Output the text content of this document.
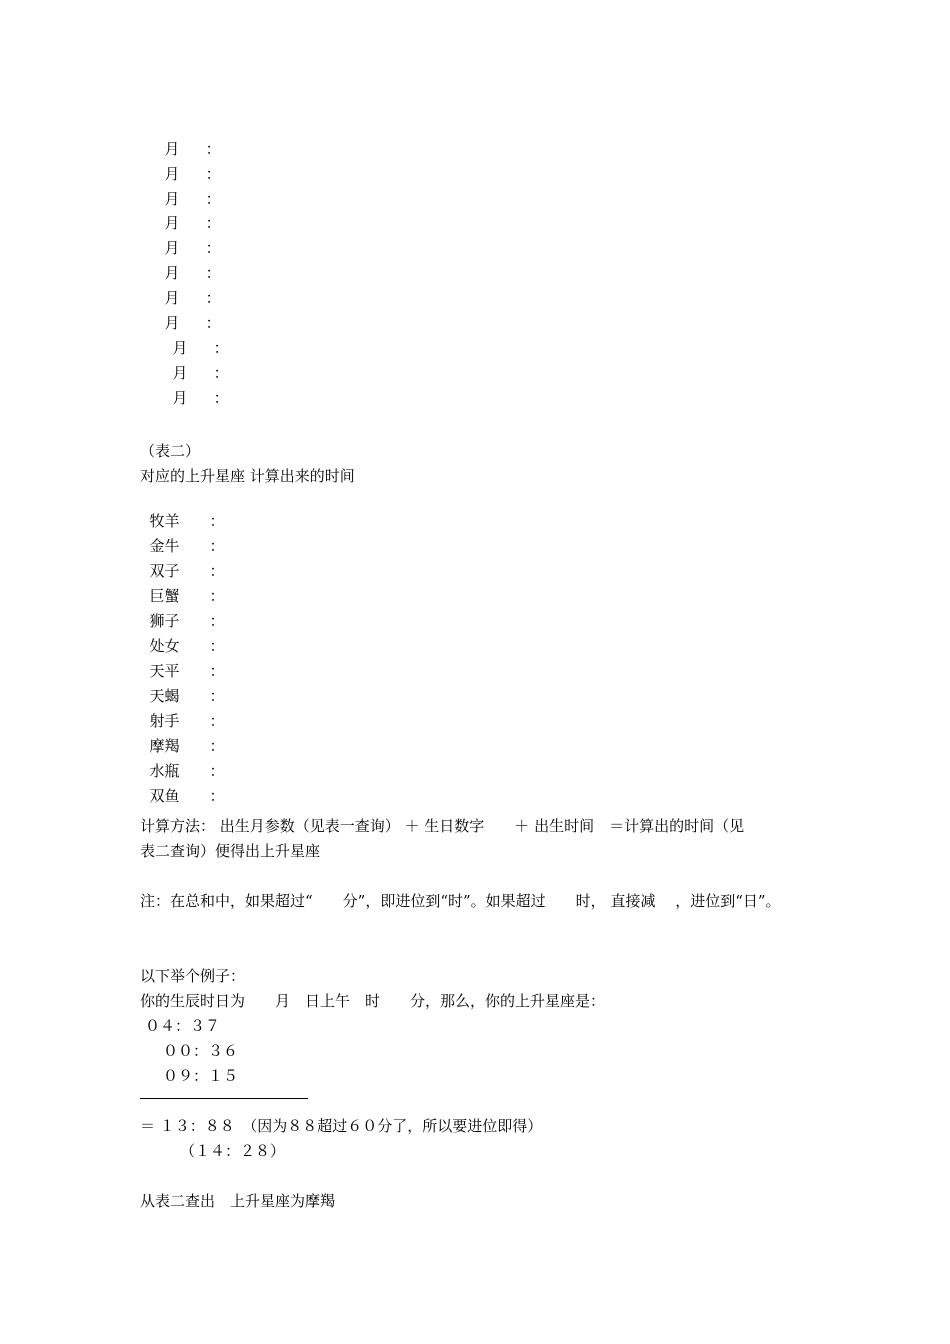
月 ：

月 ：

月 ：

月 ：

月 ：

月 ：

月 ：

月 ：

月 ：

月 ：

月 ：

（表二）
对应的上升星座 计算出来的时间

牧羊 ：

金牛 ：

双子 ：

巨蟹 ：

狮子 ：

处女 ：

天平 ：

天蝎 ：

射手 ：

摩羯 ：

水瓶 ：

双鱼 ：

计算方法： 出生月参数（见表一查询） ＋ 生日数字　　＋ 出生时间　＝计算出的时间（见
表二查询）便得出上升星座
注：在总和中，如果超过“　　分”，即进位到“时”。如果超过　　时， 直接减　 ，进位到“日”。
以下举个例子：
你的生辰时日为　　月　日上午　时　　分，那么，你的上升星座是：
０４：３７
００：３６
０９：１５
＝ １３：８８　（因为８８超过６０分了，所以要进位即得）
（１４：２８）
从表二查出　上升星座为摩羯
